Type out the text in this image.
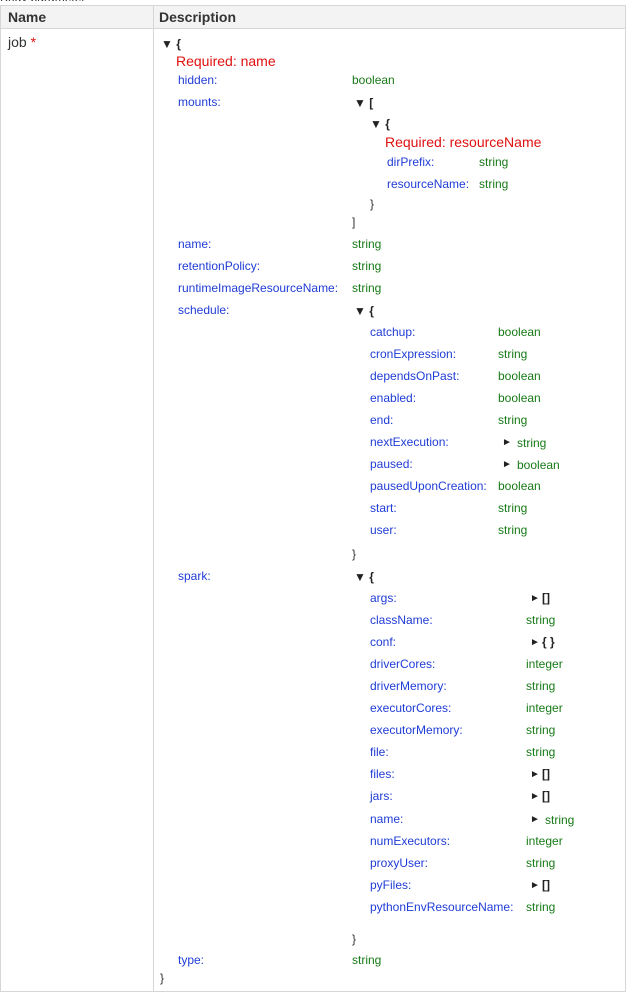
Name	Description
job *	▼ {
Required: name
hidden:	boolean
mounts:	▼ [
▼ {
Required: resourceName
dirPrefix:	string
resourceName: string
}
]
name:	string
retentionPolicy:	string
runtimeImageResourceName: string
schedule:	▼ {
catchup:	boolean
cronExpression:	string
dependsOnPast:	boolean
enabled:	boolean
end:	string
nextExecution:	► string
paused:	► boolean
pausedUponCreation: boolean
start:	string
user:	string
}
spark:	▼ {
args:	► []
className:	string
conf:	► { }
driverCores:	integer
driverMemory:	string
executorCores:	integer
executorMemory:	string
file:	string
files:	► []
jars:	► []
name:	► string
numExecutors:	integer
proxyUser:	string
pyFiles:	► []
pythonEnvResourceName: string
}
type:	string
}
